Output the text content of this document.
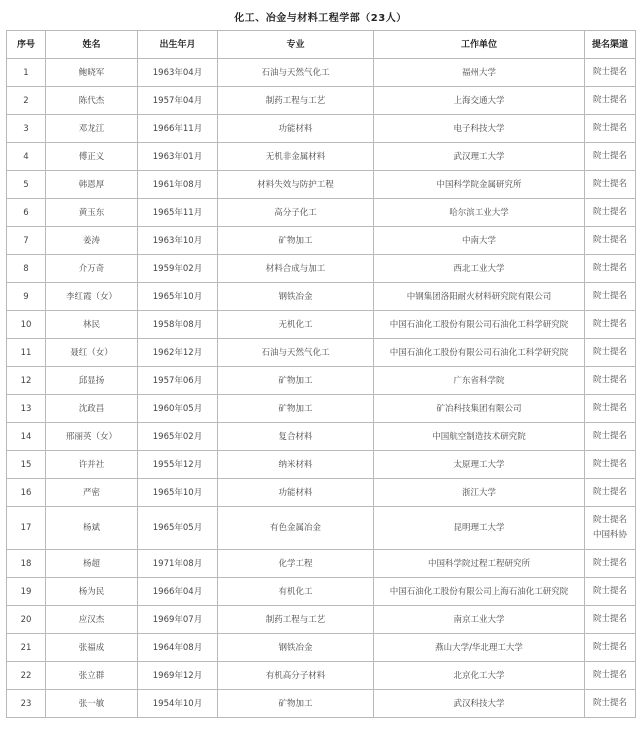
化工、冶金与材料工程学部（23人）
序号	姓名	出生年月	专业	工作单位	提名渠道
1	鲍晓军	1963年04月	石油与天然气化工	福州大学	院士提名

2	陈代杰	1957年04月	制药工程与工艺	上海交通大学	院士提名

3	邓龙江	1966年11月	功能材料	电子科技大学	院士提名

4	傅正义	1963年01月	无机非金属材料	武汉理工大学	院士提名

5	韩恩厚	1961年08月	材料失效与防护工程	中国科学院金属研究所	院士提名

6	黄玉东	1965年11月	高分子化工	哈尔滨工业大学	院士提名

7	姜涛	1963年10月	矿物加工	中南大学	院士提名

8	介万奇	1959年02月	材料合成与加工	西北工业大学	院士提名

9	李红霞（女）	1965年10月	钢铁冶金	中钢集团洛阳耐火材料研究院有限公司	院士提名

10	林民	1958年08月	无机化工	中国石油化工股份有限公司石油化工科学研究院	院士提名

11	聂红（女）	1962年12月	石油与天然气化工	中国石油化工股份有限公司石油化工科学研究院	院士提名

12	邱显扬	1957年06月	矿物加工	广东省科学院	院士提名

13	沈政昌	1960年05月	矿物加工	矿冶科技集团有限公司	院士提名

14	邢丽英（女）	1965年02月	复合材料	中国航空制造技术研究院	院士提名

15	许并社	1955年12月	纳米材料	太原理工大学	院士提名

16	严密	1965年10月	功能材料	浙江大学	院士提名

17	杨斌	1965年05月	有色金属冶金	昆明理工大学	院士提名
中国科协

18	杨超	1971年08月	化学工程	中国科学院过程工程研究所	院士提名

19	杨为民	1966年04月	有机化工	中国石油化工股份有限公司上海石油化工研究院	院士提名

20	应汉杰	1969年07月	制药工程与工艺	南京工业大学	院士提名

21	张福成	1964年08月	钢铁冶金	燕山大学/华北理工大学	院士提名

22	张立群	1969年12月	有机高分子材料	北京化工大学	院士提名

23	张一敏	1954年10月	矿物加工	武汉科技大学	院士提名
